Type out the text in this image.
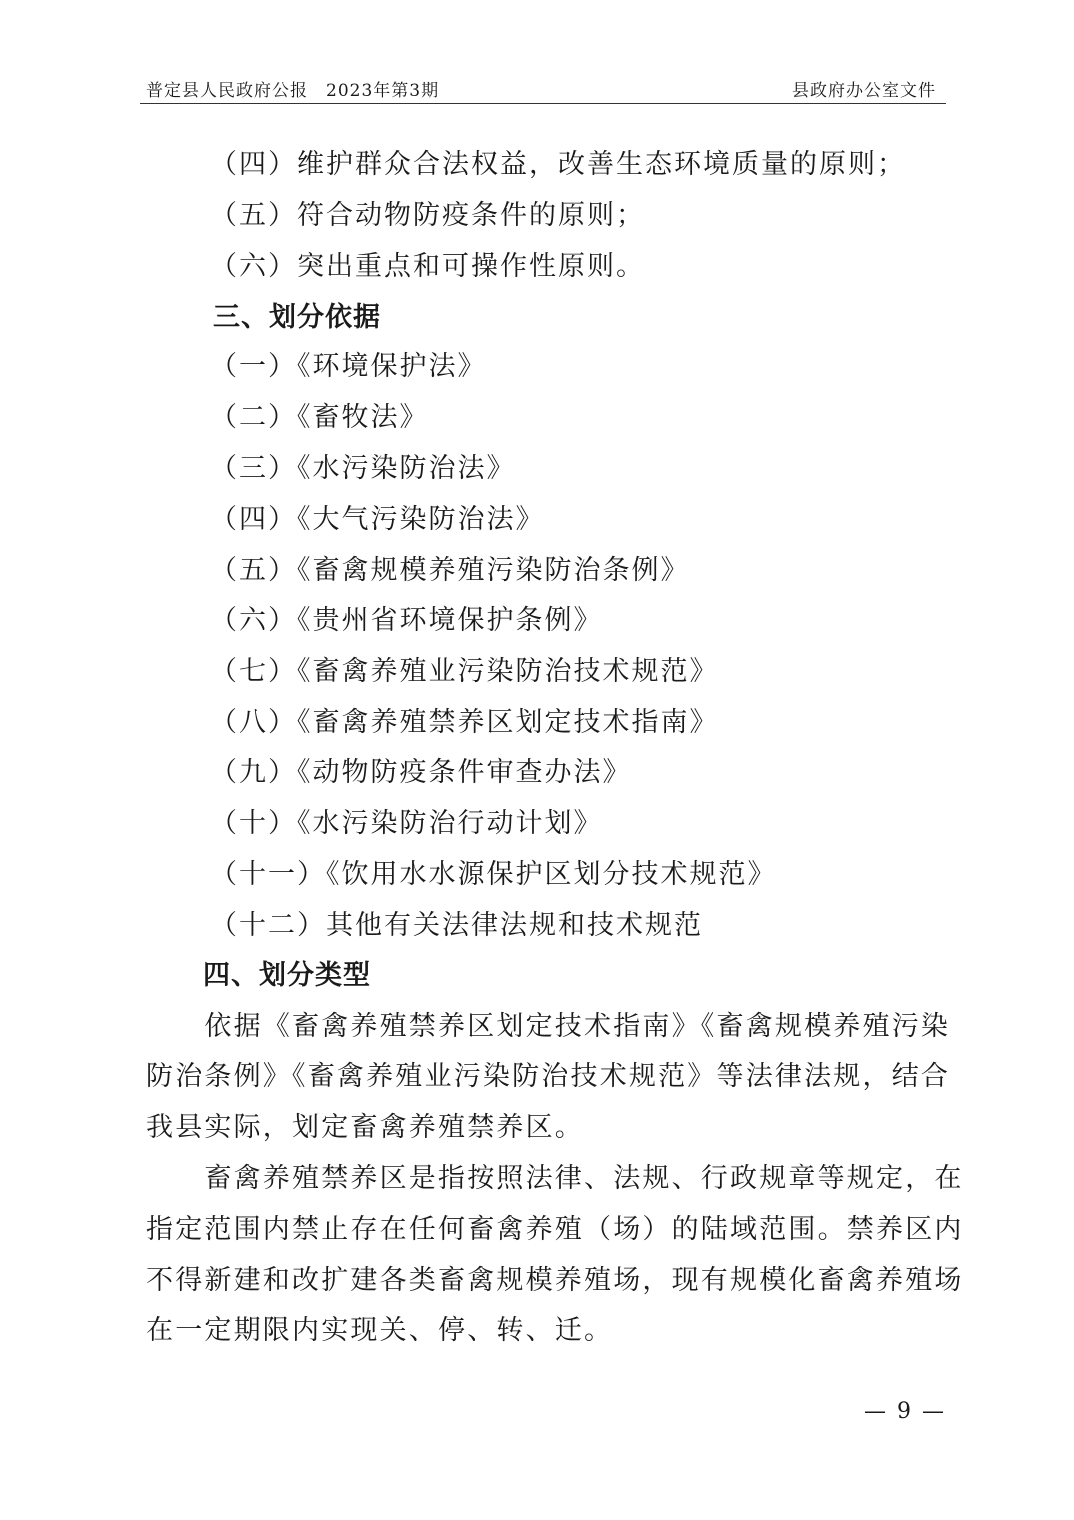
普定县人民政府公报　2023年第3期	县政府办公室文件
（四）维护群众合法权益，改善生态环境质量的原则；
（五）符合动物防疫条件的原则；
（六）突出重点和可操作性原则。
三、划分依据
（一）《环境保护法》
（二）《畜牧法》
（三）《水污染防治法》
（四）《大气污染防治法》
（五）《畜禽规模养殖污染防治条例》
（六）《贵州省环境保护条例》
（七）《畜禽养殖业污染防治技术规范》
（八）《畜禽养殖禁养区划定技术指南》
（九）《动物防疫条件审查办法》
（十）《水污染防治行动计划》
（十一）《饮用水水源保护区划分技术规范》
（十二）其他有关法律法规和技术规范
四、划分类型
　　依据《畜禽养殖禁养区划定技术指南》《畜禽规模养殖污染
防治条例》《畜禽养殖业污染防治技术规范》等法律法规，结合
我县实际，划定畜禽养殖禁养区。
　　畜禽养殖禁养区是指按照法律、法规、行政规章等规定，在
指定范围内禁止存在任何畜禽养殖（场）的陆域范围。禁养区内
不得新建和改扩建各类畜禽规模养殖场，现有规模化畜禽养殖场
在一定期限内实现关、停、转、迁。
— 9 —
